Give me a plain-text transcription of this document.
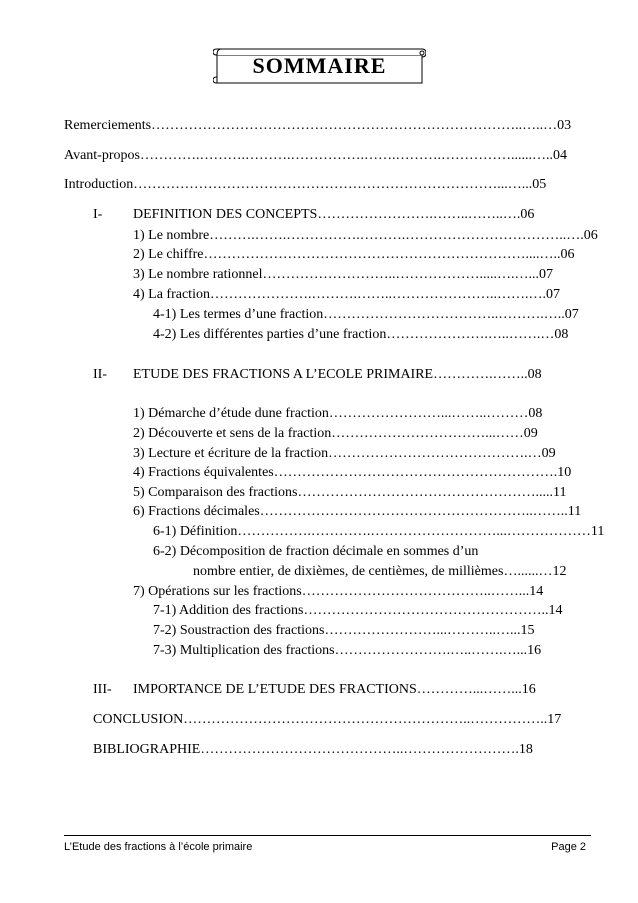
SOMMAIRE
Remerciements……………………………………………………………………..…..…03
Avant-propos………….……….……….…………….…….……….……………......…..04
Introduction……………………………………………………………………...…...05
I- DEFINITION DES CONCEPTS…………………….……..……..….06
1) Le nombre……….…….…………….……….……………………………..….06
2) Le chiffre……………………………………………………………....…..06
3) Le nombre rationnel………………………..……………….....….…...07
4) La fraction………………….……….……..…………………..…….….07
4-1) Les termes d’une fraction………………………………..……….…..07
4-2) Les différentes parties d’une fraction………………….…..…….…08
II- ETUDE DES FRACTIONS A L’ECOLE PRIMAIRE………….……..08
1) Démarche d’étude dune fraction……………………...……..………08
2) Découverte et sens de la fraction……………………………...……09
3) Lecture et écriture de la fraction…………………………………….…09
4) Fractions équivalentes…………………………………………………….10
5) Comparaison des fractions…………………………………………….....11
6) Fractions décimales…………………………………………………..……..11
6-1) Définition…………….………….………………………...………………11
6-2) Décomposition de fraction décimale en sommes d’un
nombre entier, de dixièmes, de centièmes, de millièmes…......…12
7) Opérations sur les fractions…………………………………..……...14
7-1) Addition des fractions……………………………………………..14
7-2) Soustraction des fractions……………………...………..…...15
7-3) Multiplication des fractions…………………….…..…….…...16
III- IMPORTANCE DE L’ETUDE DES FRACTIONS…………...……...16
CONCLUSION……………………………………………………..……………..17
BIBLIOGRAPHIE……………………………………..…………………….18
L’Etude des fractions à l’école primaire	Page 2
